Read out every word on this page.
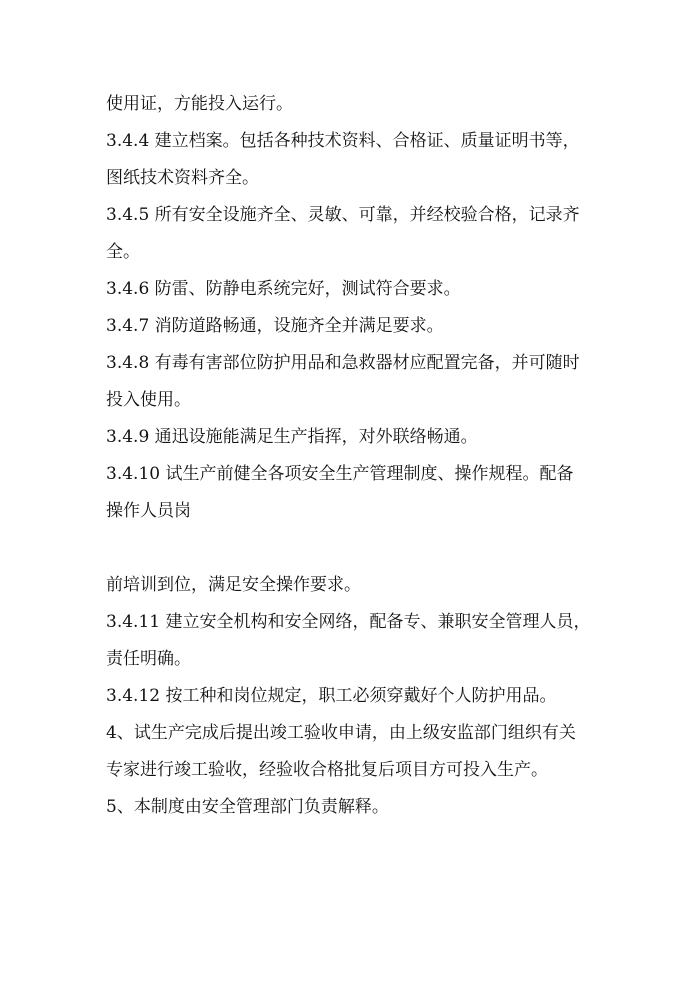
使用证，方能投入运行。

3.4.4 建立档案。包括各种技术资料、合格证、质量证明书等，
图纸技术资料齐全。

3.4.5 所有安全设施齐全、灵敏、可靠，并经校验合格，记录齐
全。

3.4.6 防雷、防静电系统完好，测试符合要求。

3.4.7 消防道路畅通，设施齐全并满足要求。

3.4.8 有毒有害部位防护用品和急救器材应配置完备，并可随时
投入使用。

3.4.9 通迅设施能满足生产指挥，对外联络畅通。

3.4.10 试生产前健全各项安全生产管理制度、操作规程。配备
操作人员岗

前培训到位，满足安全操作要求。

3.4.11 建立安全机构和安全网络，配备专、兼职安全管理人员，
责任明确。

3.4.12 按工种和岗位规定，职工必须穿戴好个人防护用品。

4、试生产完成后提出竣工验收申请，由上级安监部门组织有关
专家进行竣工验收，经验收合格批复后项目方可投入生产。

5、本制度由安全管理部门负责解释。
